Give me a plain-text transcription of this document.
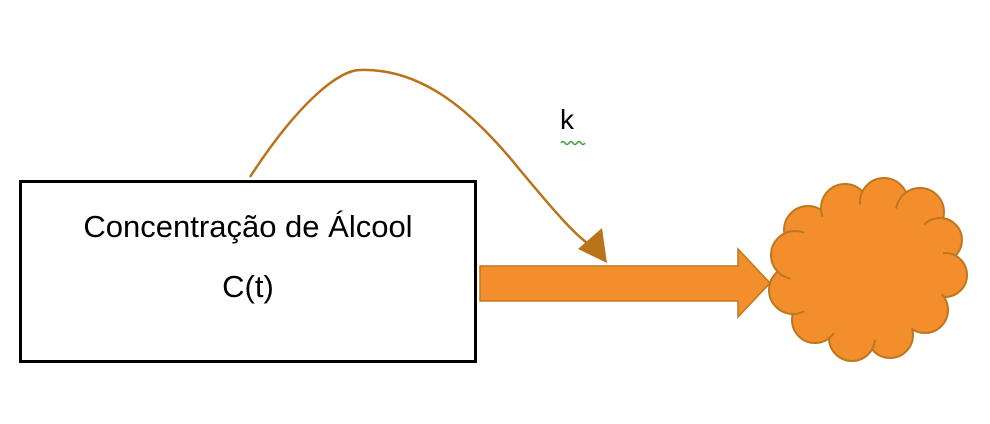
Concentração de Álcool
C(t)
k
